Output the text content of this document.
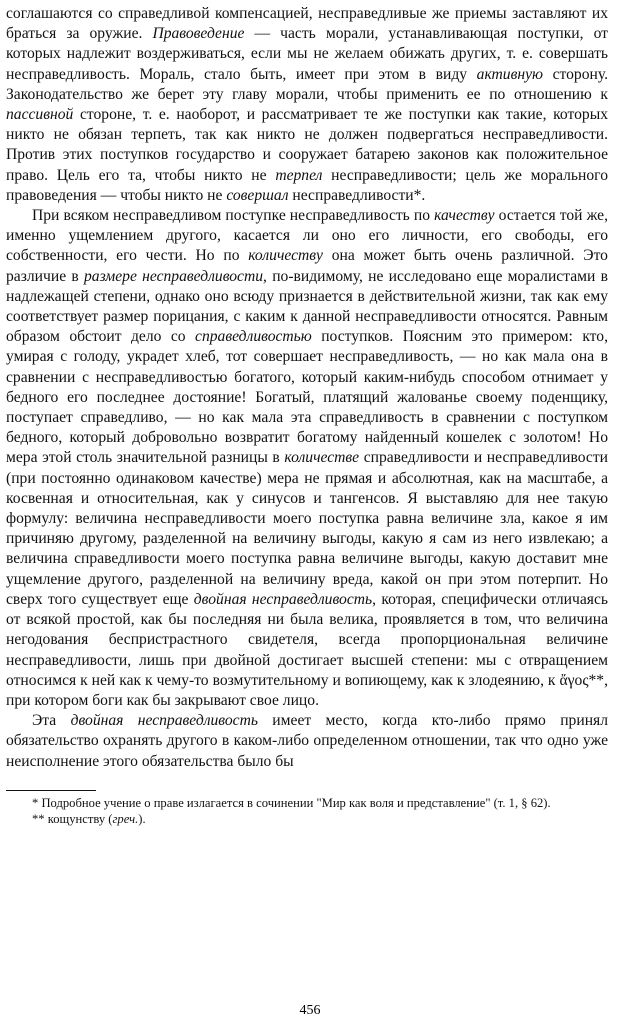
соглашаются со справедливой компенсацией, несправедливые же приемы заставляют их браться за оружие. Правоведение — часть морали, устанавливающая поступки, от которых надлежит воздерживаться, если мы не желаем обижать других, т. е. совершать несправедливость. Мораль, стало быть, имеет при этом в виду активную сторону. Законодательство же берет эту главу морали, чтобы применить ее по отношению к пассивной стороне, т. е. наоборот, и рассматривает те же поступки как такие, которых никто не обязан терпеть, так как никто не должен подвергаться несправедливости. Против этих поступков государство и сооружает батарею законов как положительное право. Цель его та, чтобы никто не терпел несправедливости; цель же морального правоведения — чтобы никто не совершал несправедливости*.

При всяком несправедливом поступке несправедливость по качеству остается той же, именно ущемлением другого, касается ли оно его личности, его свободы, его собственности, его чести. Но по количеству она может быть очень различной. Это различие в размере несправедливости, по-видимому, не исследовано еще моралистами в надлежащей степени, однако оно всюду признается в действительной жизни, так как ему соответствует размер порицания, с каким к данной несправедливости относятся. Равным образом обстоит дело со справедливостью поступков. Поясним это примером: кто, умирая с голоду, украдет хлеб, тот совершает несправедливость, — но как мала она в сравнении с несправедливостью богатого, который каким-нибудь способом отнимает у бедного его последнее достояние! Богатый, платящий жалованье своему поденщику, поступает справедливо, — но как мала эта справедливость в сравнении с поступком бедного, который добровольно возвратит богатому найденный кошелек с золотом! Но мера этой столь значительной разницы в количестве справедливости и несправедливости (при постоянно одинаковом качестве) мера не прямая и абсолютная, как на масштабе, а косвенная и относительная, как у синусов и тангенсов. Я выставляю для нее такую формулу: величина несправедливости моего поступка равна величине зла, какое я им причиняю другому, разделенной на величину выгоды, какую я сам из него извлекаю; а величина справедливости моего поступка равна величине выгоды, какую доставит мне ущемление другого, разделенной на величину вреда, какой он при этом потерпит. Но сверх того существует еще двойная несправедливость, которая, специфически отличаясь от всякой простой, как бы последняя ни была велика, проявляется в том, что величина негодования беспристрастного свидетеля, всегда пропорциональная величине несправедливости, лишь при двойной достигает высшей степени: мы с отвращением относимся к ней как к чему-то возмутительному и вопиющему, как к злодеянию, к ἄγος**, при котором боги как бы закрывают свое лицо.

Эта двойная несправедливость имеет место, когда кто-либо прямо принял обязательство охранять другого в каком-либо определенном отношении, так что одно уже неисполнение этого обязательства было бы

* Подробное учение о праве излагается в сочинении "Мир как воля и представление" (т. 1, § 62).

** кощунству (греч.).

456
